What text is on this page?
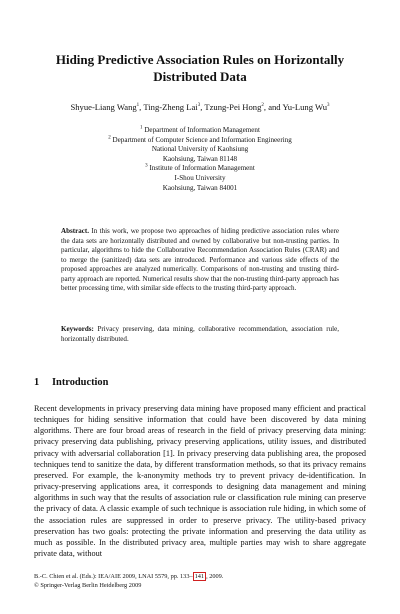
Hiding Predictive Association Rules on Horizontally
Distributed Data
Shyue-Liang Wang$^1$, Ting-Zheng Lai$^3$, Tzung-Pei Hong$^2$, and Yu-Lung Wu$^3$
$^1$ Department of Information Management
$^2$ Department of Computer Science and Information Engineering
National University of Kaohsiung
Kaohsiung, Taiwan 81148
$^3$ Institute of Information Management
I-Shou University
Kaohsiung, Taiwan 84001
Abstract. In this work, we propose two approaches of hiding predictive association rules where the data sets are horizontally distributed and owned by collaborative but non-trusting parties. In particular, algorithms to hide the Collaborative Recommendation Association Rules (CRAR) and to merge the (sanitized) data sets are introduced. Performance and various side effects of the proposed approaches are analyzed numerically. Comparisons of non-trusting and trusting third-party approach are reported. Numerical results show that the non-trusting third-party approach has better processing time, with similar side effects to the trusting third-party approach.
Keywords: Privacy preserving, data mining, collaborative recommendation, association rule, horizontally distributed.
1 Introduction
Recent developments in privacy preserving data mining have proposed many efficient and practical techniques for hiding sensitive information that could have been discovered by data mining algorithms. There are four broad areas of research in the field of privacy preserving data mining: privacy preserving data publishing, privacy preserving applications, utility issues, and distributed privacy with adversarial collaboration [1]. In privacy preserving data publishing area, the proposed techniques tend to sanitize the data, by different transformation methods, so that its privacy remains preserved. For example, the k-anonymity methods try to prevent privacy de-identification. In privacy-preserving applications area, it corresponds to designing data management and mining algorithms in such way that the results of association rule or classification rule mining can preserve the privacy of data. A classic example of such technique is association rule hiding, in which some of the association rules are suppressed in order to preserve privacy. The utility-based privacy preservation has two goals: protecting the private information and preserving the data utility as much as possible. In the distributed privacy area, multiple parties may wish to share aggregate private data, without
B.-C. Chien et al. (Eds.): IEA/AIE 2009, LNAI 5579, pp. 133– 141 , 2009.
© Springer-Verlag Berlin Heidelberg 2009
